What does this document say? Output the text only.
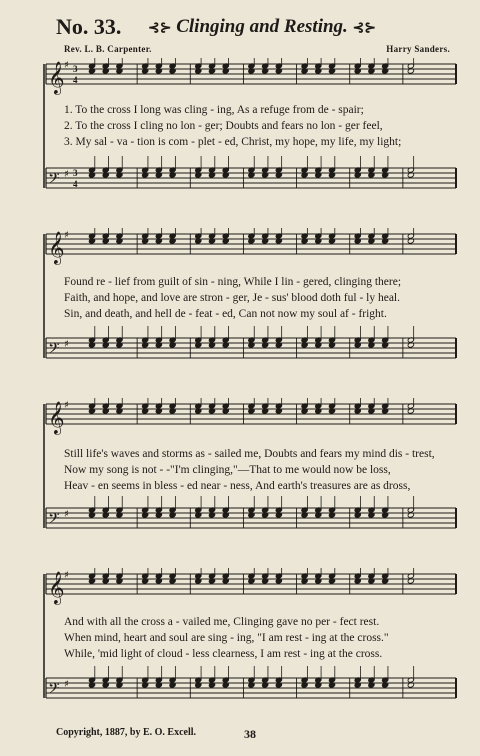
No. 33. ⊰⊱ Clinging and Resting. ⊰⊱
Rev. L. B. Carpenter.	Harry Sanders.
𝄞 ♯ 3
4
𝄢 ♯ 3
4
1. To the cross I long was cling - ing, As a refuge from de - spair;
2. To the cross I cling no lon - ger; Doubts and fears no lon - ger feel,
3. My sal - va - tion is com - plet - ed, Christ, my hope, my life, my light;
𝄞 ♯
𝄢 ♯
Found re - lief from guilt of sin - ning, While I lin - gered, clinging there;
Faith, and hope, and love are stron - ger, Je - sus' blood doth ful - ly heal.
Sin, and death, and hell de - feat - ed, Can not now my soul af - fright.
𝄞 ♯
𝄢 ♯
Still life's waves and storms as - sailed me, Doubts and fears my mind dis - trest,
Now my song is not - -"I'm clinging,"—That to me would now be loss,
Heav - en seems in bless - ed near - ness, And earth's treasures are as dross,
𝄞 ♯
𝄢 ♯
And with all the cross a - vailed me, Clinging gave no per - fect rest.
When mind, heart and soul are sing - ing, "I am rest - ing at the cross."
While, 'mid light of cloud - less clearness, I am rest - ing at the cross.
Copyright, 1887, by E. O. Excell.	38
